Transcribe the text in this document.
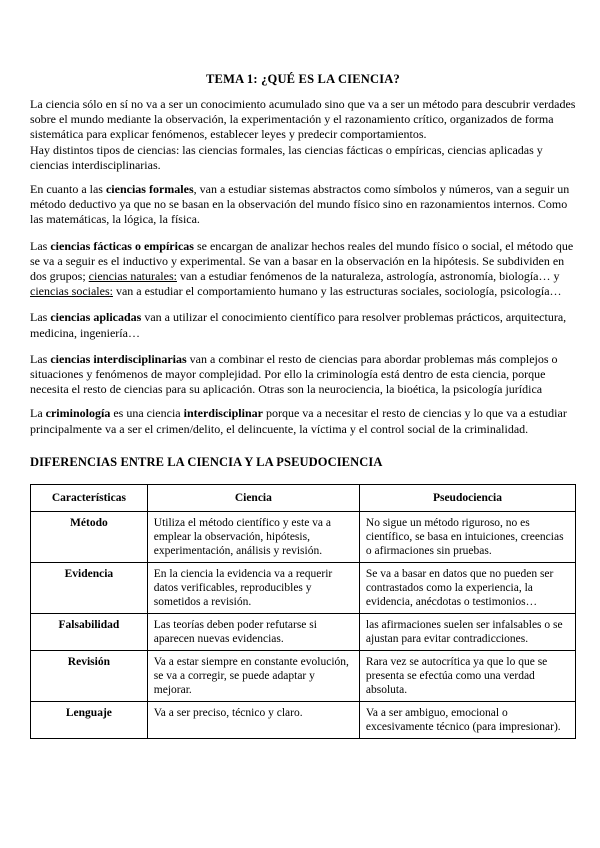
TEMA 1: ¿QUÉ ES LA CIENCIA?

La ciencia sólo en sí no va a ser un conocimiento acumulado sino que va a ser un método para descubrir verdades sobre el mundo mediante la observación, la experimentación y el razonamiento crítico, organizados de forma sistemática para explicar fenómenos, establecer leyes y predecir comportamientos.

Hay distintos tipos de ciencias: las ciencias formales, las ciencias fácticas o empíricas, ciencias aplicadas y ciencias interdisciplinarias.

En cuanto a las ciencias formales, van a estudiar sistemas abstractos como símbolos y números, van a seguir un método deductivo ya que no se basan en la observación del mundo físico sino en razonamientos internos. Como las matemáticas, la lógica, la física.

Las ciencias fácticas o empíricas se encargan de analizar hechos reales del mundo físico o social, el método que se va a seguir es el inductivo y experimental. Se van a basar en la observación en la hipótesis. Se subdividen en dos grupos; ciencias naturales: van a estudiar fenómenos de la naturaleza, astrología, astronomía, biología… y ciencias sociales: van a estudiar el comportamiento humano y las estructuras sociales, sociología, psicología…

Las ciencias aplicadas van a utilizar el conocimiento científico para resolver problemas prácticos, arquitectura, medicina, ingeniería…

Las ciencias interdisciplinarias van a combinar el resto de ciencias para abordar problemas más complejos o situaciones y fenómenos de mayor complejidad. Por ello la criminología está dentro de esta ciencia, porque necesita el resto de ciencias para su aplicación. Otras son la neurociencia, la bioética, la psicología jurídica

La criminología es una ciencia interdisciplinar porque va a necesitar el resto de ciencias y lo que va a estudiar principalmente va a ser el crimen/delito, el delincuente, la víctima y el control social de la criminalidad.

DIFERENCIAS ENTRE LA CIENCIA Y LA PSEUDOCIENCIA
Características	Ciencia	Pseudociencia
Método	Utiliza el método científico y este va a emplear la observación, hipótesis, experimentación, análisis y revisión.	No sigue un método riguroso, no es científico, se basa en intuiciones, creencias o afirmaciones sin pruebas.
Evidencia	En la ciencia la evidencia va a requerir datos verificables, reproducibles y sometidos a revisión.	Se va a basar en datos que no pueden ser contrastados como la experiencia, la evidencia, anécdotas o testimonios…
Falsabilidad	Las teorías deben poder refutarse si aparecen nuevas evidencias.	las afirmaciones suelen ser infalsables o se ajustan para evitar contradicciones.
Revisión	Va a estar siempre en constante evolución, se va a corregir, se puede adaptar y mejorar.	Rara vez se autocrítica ya que lo que se presenta se efectúa como una verdad absoluta.
Lenguaje	Va a ser preciso, técnico y claro.	Va a ser ambiguo, emocional o excesivamente técnico (para impresionar).
